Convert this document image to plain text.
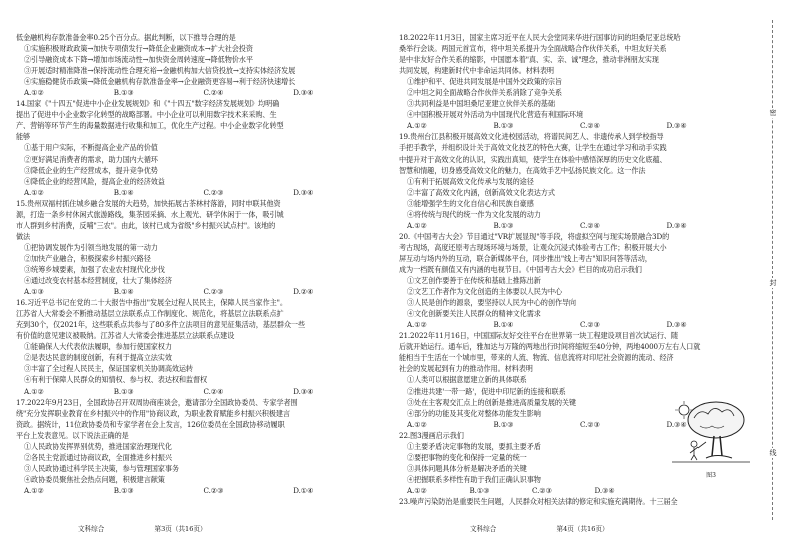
低金融机构存款准备金率0.25个百分点。据此判断，以下推导合理的是
①实施积极财政政策→加快专项债发行→降低企业融资成本→扩大社会投资
②引导融资成本下降→增加市场流动性→加快资金周转速度→降低物价水平
③开展适时精准降准→保持流动性合理充裕→金融机构加大信贷投放→支持实体经济发展
④实施稳健货币政策→降低金融机构存款准备金率→企业融资更容易→利于经济快速增长
A.①②	B.①③	C.②④	D.③④
14.国家《"十四五"促进中小企业发展规划》和《"十四五"数字经济发展规划》均明确
提出了促进中小企业数字化转型的战略部署。中小企业可以利用数字技术来采购、生
产、营销等环节产生的海量数据进行收集和加工，优化生产过程。中小企业数字化转型
能够
①基于用户实际，不断提高企业产品的价值
②更好满足消费者的需求，助力国内大循环
③降低企业的生产经营成本，提升竞争优势
④降低企业的经营风险，提高企业的经济效益
A.①②	B.①④	C.②③	D.③④
15.贵州双福村抓住城乡融合发展的大趋势，加快拓展古茶林村落游，同时申联其他资
源，打造一条乡村休闲式旅游路线，集茶园采摘、水上观光、研学休闲于一体，吸引城
市人群到乡村消费，反哺"三农"。由此，该村已成为省级"乡村振兴试点村"。该地的
做法
①把协调发展作为引领当地发展的第一动力
②加快产业融合，积极探索乡村振兴路径
③统筹乡城要素，加强了农业农村现代化步伐
④通过改变农村基本经营制度，壮大了集体经济
A.①③	B.①④	C.②③	D.②④
16.习近平总书记在党的二十大报告中指出"发展全过程人民民主，保障人民当家作主"。
江苏省人大常委会不断推动基层立法联系点工作制度化、规范化，将基层立法联系点扩
充到30个，仅2021年，这些联系点共参与了80多件立法项目的意见征集活动，基层群众一些
有价值的意见建议被吸纳。江苏省人大常委会推进基层立法联系点建设
①能确保人大代表依法履职，参加行使国家权力
②是表达民意的制度创新，有利于提高立法实效
③丰富了全过程人民民主，保证国家机关协调高效运转
④有利于保障人民群众的知情权、参与权、表达权和监督权
A.①②	B.①③	C.②④	D.③④
17.2022年9月23日，全国政协召开双周协商座谈会，邀请部分全国政协委员、专家学者围
绕"充分发挥职业教育在乡村振兴中的作用"协商议政，为职业教育赋能乡村振兴积极建言
资政。据统计，11位政协委员和专家学者在会上发言，126位委员在全国政协移动履职
平台上发表意见。以下说法正确的是
①人民政协发挥界别优势，推进国家治理现代化
②各民主党派通过协商议政，全面推进乡村振兴
③人民政协通过科学民主决策，参与管理国家事务
④政协委员聚焦社会热点问题，积极建言献策
A.①②	B.①③	C.②③	D.①④
18.2022年11月3日，国家主席习近平在人民大会堂同来华进行国事访问的坦桑尼亚总统哈
桑举行会谈。两国元首宣布，将中坦关系提升为全面战略合作伙伴关系，中坦友好关系
是中非友好合作关系的缩影，中国愿本着"真、实、亲、诚"理念，推动非洲朋友实现
共同发展，构建新时代中非命运共同体。材料表明
①维护和平、促进共同发展是中国外交政策的宗旨
②中坦之间全面战略合作伙伴关系消除了竞争关系
③共同利益是中国坦桑尼亚建立伙伴关系的基础
④中国积极开展对外活动为中国现代化营造有利国际环境
A.①②	B.①③	C.②④	D.③④
19.贵州台江县积极开展高效文化进校园活动，将谱民间艺人、非遗传承人到学校指导
手把手教学，并组织设计关于高效文化技艺的特色大赛，让学生在通过学习和动手实践
中提升对于高效文化的认识，实践出真知，使学生在体验中感悟深厚的历史文化底蕴、
智慧和情趣，切身感受高效文化的魅力，在高效手艺中弘扬民族文化。这一作法
①有利于拓展高效文化传承与发展的途径
②丰富了高效文化内涵，创新高效文化表达方式
③能增强学生的文化自信心和民族自豪感
④将传统与现代的统一作为文化发展的动力
A.①②	B.①③	C.②④	D.③④
20.《中国考古大会》节目通过"VR扩展显现"等手段，将虚拟空间与现实场景融合3D的
考古现场，高度还原考古现场环境与场景，让观众沉浸式体验考古工作；积极开展大小
屏互动与场内外的互动，联合新媒体平台，同步推出"线上考古"知识问答等活动，
成为一档既有颜值又有内涵的电视节目。《中国考古大会》栏目的成功启示我们
①文艺创作要善于在传统和基础上推陈出新
②文艺工作者作为文化创造的主体要以人民为中心
③人民是创作的源泉，要坚持以人民为中心的创作导向
④文化创新要关注人民群众的精神文化需求
A.①②	B.①④	C.②③	D.③④
21.2022年11月16日，中国国际友好交往平台在世界第一块工程建设项目首次试运行、随
后就开始运行。通车后，雅加达与万隆的两地出行时间将缩短至40分钟，两地4000万左右人口就
能相当于生活在一个城市里，带来的人流、物流、信息流将对印尼社会资源的流动、经济
社会的发展起到有力的推动作用。材料表明
①人类可以根据意愿建立新的具体联系
②推进共建'一带一路'，促进中印尼新的连接和联系
③处在主客观交汇点上的创新是推进高质量发展的关键
④部分的功能及其变化对整体功能发生影响
A.①②	B.①③	C.②③	D.③④
22.图3漫画启示我们
①主要矛盾决定事物的发展，要抓主要矛盾
②要把事物的变化和保持一定量的统一
③具体问题具体分析是解决矛盾的关键
④把握联系多样性有助于我们正确认识事物
A.①②	B.①③	C.②③	D.③④
23.噪声污染防治是重要民生问题，人民群众对相关法律的修定和实施充满期待。十三届全
图3
文科综合	第3页（共16页）	文科综合	第4页（共16页）
密
封
线
